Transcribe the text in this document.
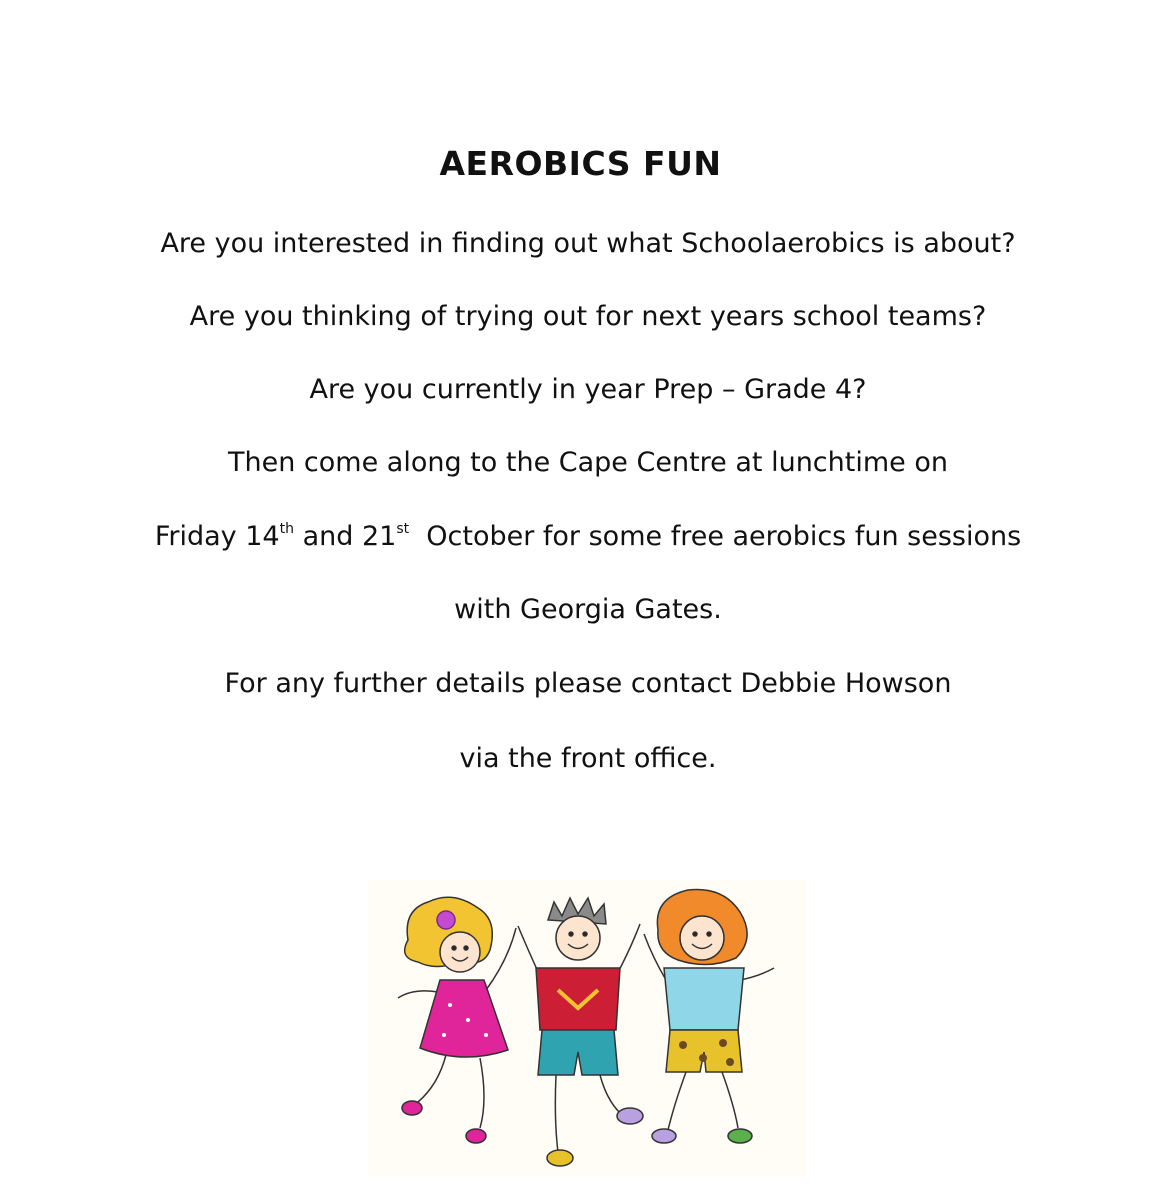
AEROBICS FUN
Are you interested in finding out what Schoolaerobics is about?
Are you thinking of trying out for next years school teams?
Are you currently in year Prep – Grade 4?
Then come along to the Cape Centre at lunchtime on
Friday 14th and 21st  October for some free aerobics fun sessions
with Georgia Gates.
For any further details please contact Debbie Howson
via the front office.
